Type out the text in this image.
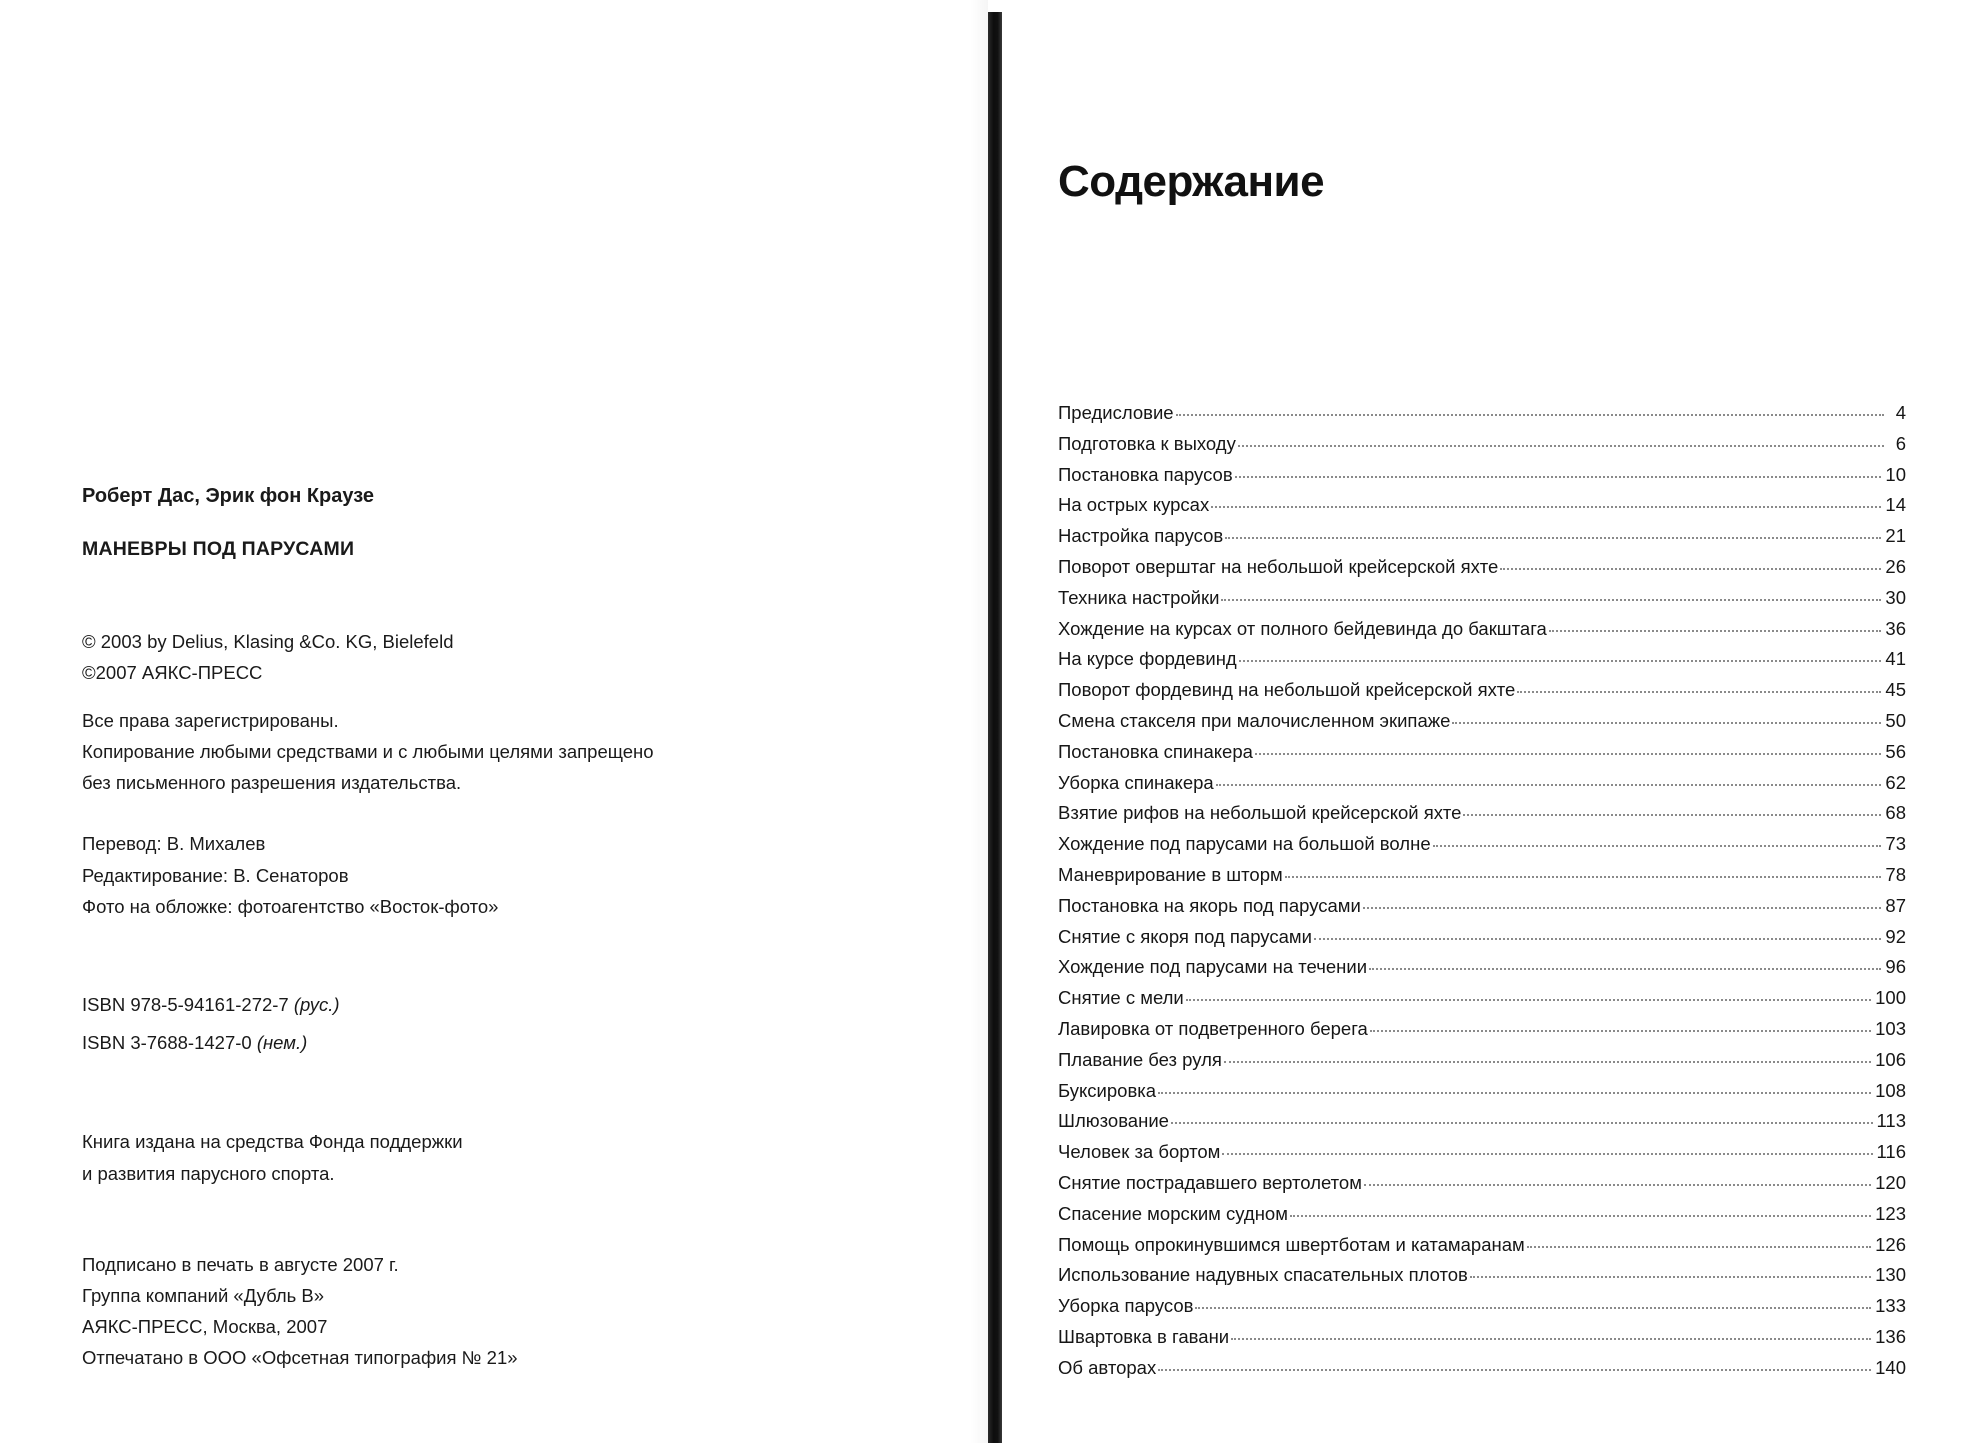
Роберт Дас, Эрик фон Краузе
МАНЕВРЫ ПОД ПАРУСАМИ
© 2003 by Delius, Klasing &Co. KG, Bielefeld
©2007 АЯКС-ПРЕСС
Все права зарегистрированы.
Копирование любыми средствами и с любыми целями запрещено
без письменного разрешения издательства.
Перевод: В. Михалев
Редактирование: В. Сенаторов
Фото на обложке: фотоагентство «Восток-фото»
ISBN 978-5-94161-272-7 (рус.)
ISBN 3-7688-1427-0 (нем.)
Книга издана на средства Фонда поддержки
и развития парусного спорта.
Подписано в печать в августе 2007 г.
Группа компаний «Дубль В»
АЯКС-ПРЕСС, Москва, 2007
Отпечатано в ООО «Офсетная типография № 21»
Содержание
Предисловие	4
Подготовка к выходу	6
Постановка парусов	10
На острых курсах	14
Настройка парусов	21
Поворот оверштаг на небольшой крейсерской яхте	26
Техника настройки	30
Хождение на курсах от полного бейдевинда до бакштага	36
На курсе фордевинд	41
Поворот фордевинд на небольшой крейсерской яхте	45
Смена стакселя при малочисленном экипаже	50
Постановка спинакера	56
Уборка спинакера	62
Взятие рифов на небольшой крейсерской яхте	68
Хождение под парусами на большой волне	73
Маневрирование в шторм	78
Постановка на якорь под парусами	87
Снятие с якоря под парусами	92
Хождение под парусами на течении	96
Снятие с мели	100
Лавировка от подветренного берега	103
Плавание без руля	106
Буксировка	108
Шлюзование	113
Человек за бортом	116
Снятие пострадавшего вертолетом	120
Спасение морским судном	123
Помощь опрокинувшимся швертботам и катамаранам	126
Использование надувных спасательных плотов	130
Уборка парусов	133
Швартовка в гавани	136
Об авторах	140
